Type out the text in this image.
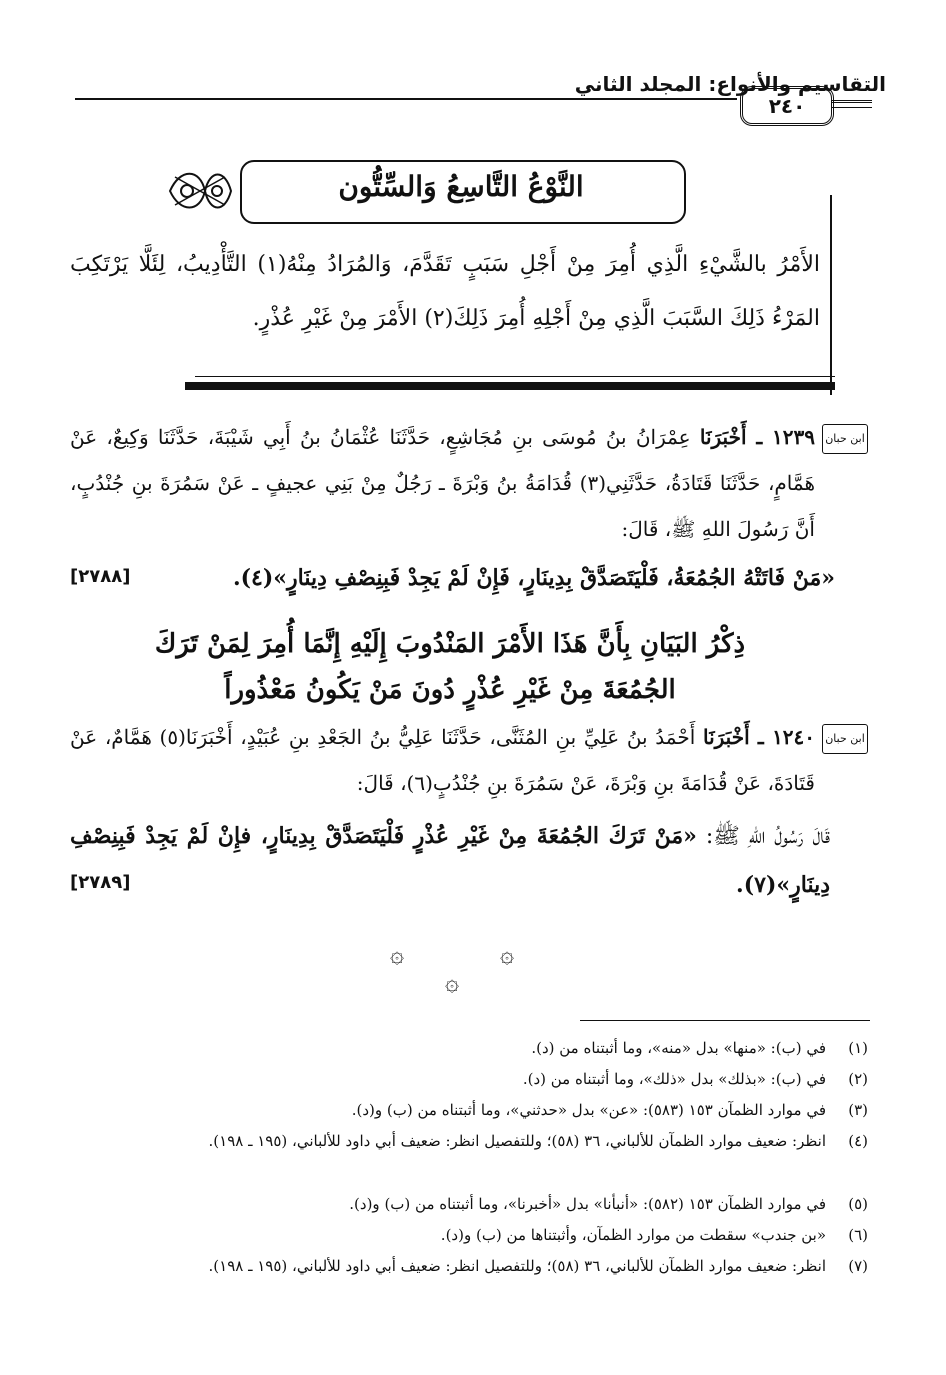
التقاسيم والأنواع: المجلد الثاني
٢٤٠
النَّوْعُ التَّاسِعُ وَالسِّتُّون
الأَمْرُ بالشَّيْءِ الَّذِي أُمِرَ مِنْ أَجْلِ سَبَبٍ تَقَدَّمَ، وَالمُرَادُ مِنْهُ(١) التَّأْدِيبُ، لِئَلَّا يَرْتَكِبَ المَرْءُ ذَلِكَ السَّبَبَ الَّذِي مِنْ أَجْلِهِ أُمِرَ ذَلِكَ(٢) الأَمْرَ مِنْ غَيْرِ عُذْرٍ.
ابن حبان
١٢٣٩ ـ أَخْبَرَنَا عِمْرَانُ بنُ مُوسَى بنِ مُجَاشِعٍ، حَدَّثَنَا عُثْمَانُ بنُ أَبِي شَيْبَةَ، حَدَّثَنَا وَكِيعٌ، عَنْ هَمَّامٍ، حَدَّثَنَا قَتَادَةُ، حَدَّثَنِي(٣) قُدَامَةُ بنُ وَبْرَةَ ـ رَجُلٌ مِنْ بَنِي عجيفٍ ـ عَنْ سَمُرَةَ بنِ جُنْدُبٍ، أَنَّ رَسُولَ اللهِ ﷺ، قَالَ:
«مَنْ فَاتَتْهُ الجُمُعَةُ، فَلْيَتَصَدَّقْ بِدِينَارٍ، فَإِنْ لَمْ يَجِدْ فَبِنِصْفِ دِينَارٍ»(٤).
[٢٧٨٨]
ذِكْرُ البَيَانِ بِأَنَّ هَذَا الأَمْرَ المَنْدُوبَ إِلَيْهِ إِنَّمَا أُمِرَ لِمَنْ تَرَكَ
الجُمُعَةَ مِنْ غَيْرِ عُذْرٍ دُونَ مَنْ يَكُونُ مَعْذُوراً
ابن حبان
١٢٤٠ ـ أَخْبَرَنَا أَحْمَدُ بنُ عَلِيِّ بنِ المُثَنَّى، حَدَّثَنَا عَلِيُّ بنُ الجَعْدِ بنِ عُبَيْدٍ، أَخْبَرَنَا(٥) هَمَّامٌ، عَنْ قَتَادَةَ، عَنْ قُدَامَةَ بنِ وَبْرَةَ، عَنْ سَمُرَةَ بنِ جُنْدُبٍ(٦)، قَالَ:
قَالَ رَسُولُ اللهِ ﷺ: «مَنْ تَرَكَ الجُمُعَةَ مِنْ غَيْرِ عُذْرٍ فَلْيَتَصَدَّقْ بِدِينَارٍ، فإِنْ لَمْ يَجِدْ فَبِنِصْفِ دِينَارٍ»(٧).
[٢٧٨٩]
۞	۞
۞
(١)في (ب): «منها» بدل «منه»، وما أثبتناه من (د).
(٢)في (ب): «بذلك» بدل «ذلك»، وما أثبتناه من (د).
(٣)في موارد الظمآن ١٥٣ (٥٨٣): «عن» بدل «حدثني»، وما أثبتناه من (ب) و(د).
(٤)انظر: ضعيف موارد الظمآن للألباني، ٣٦ (٥٨)؛ وللتفصيل انظر: ضعيف أبي داود للألباني، (١٩٥ ـ ١٩٨).
(٥)في موارد الظمآن ١٥٣ (٥٨٢): «أنبأنا» بدل «أخبرنا»، وما أثبتناه من (ب) و(د).
(٦)«بن جندب» سقطت من موارد الظمآن، وأثبتناها من (ب) و(د).
(٧)انظر: ضعيف موارد الظمآن للألباني، ٣٦ (٥٨)؛ وللتفصيل انظر: ضعيف أبي داود للألباني، (١٩٥ ـ ١٩٨).
